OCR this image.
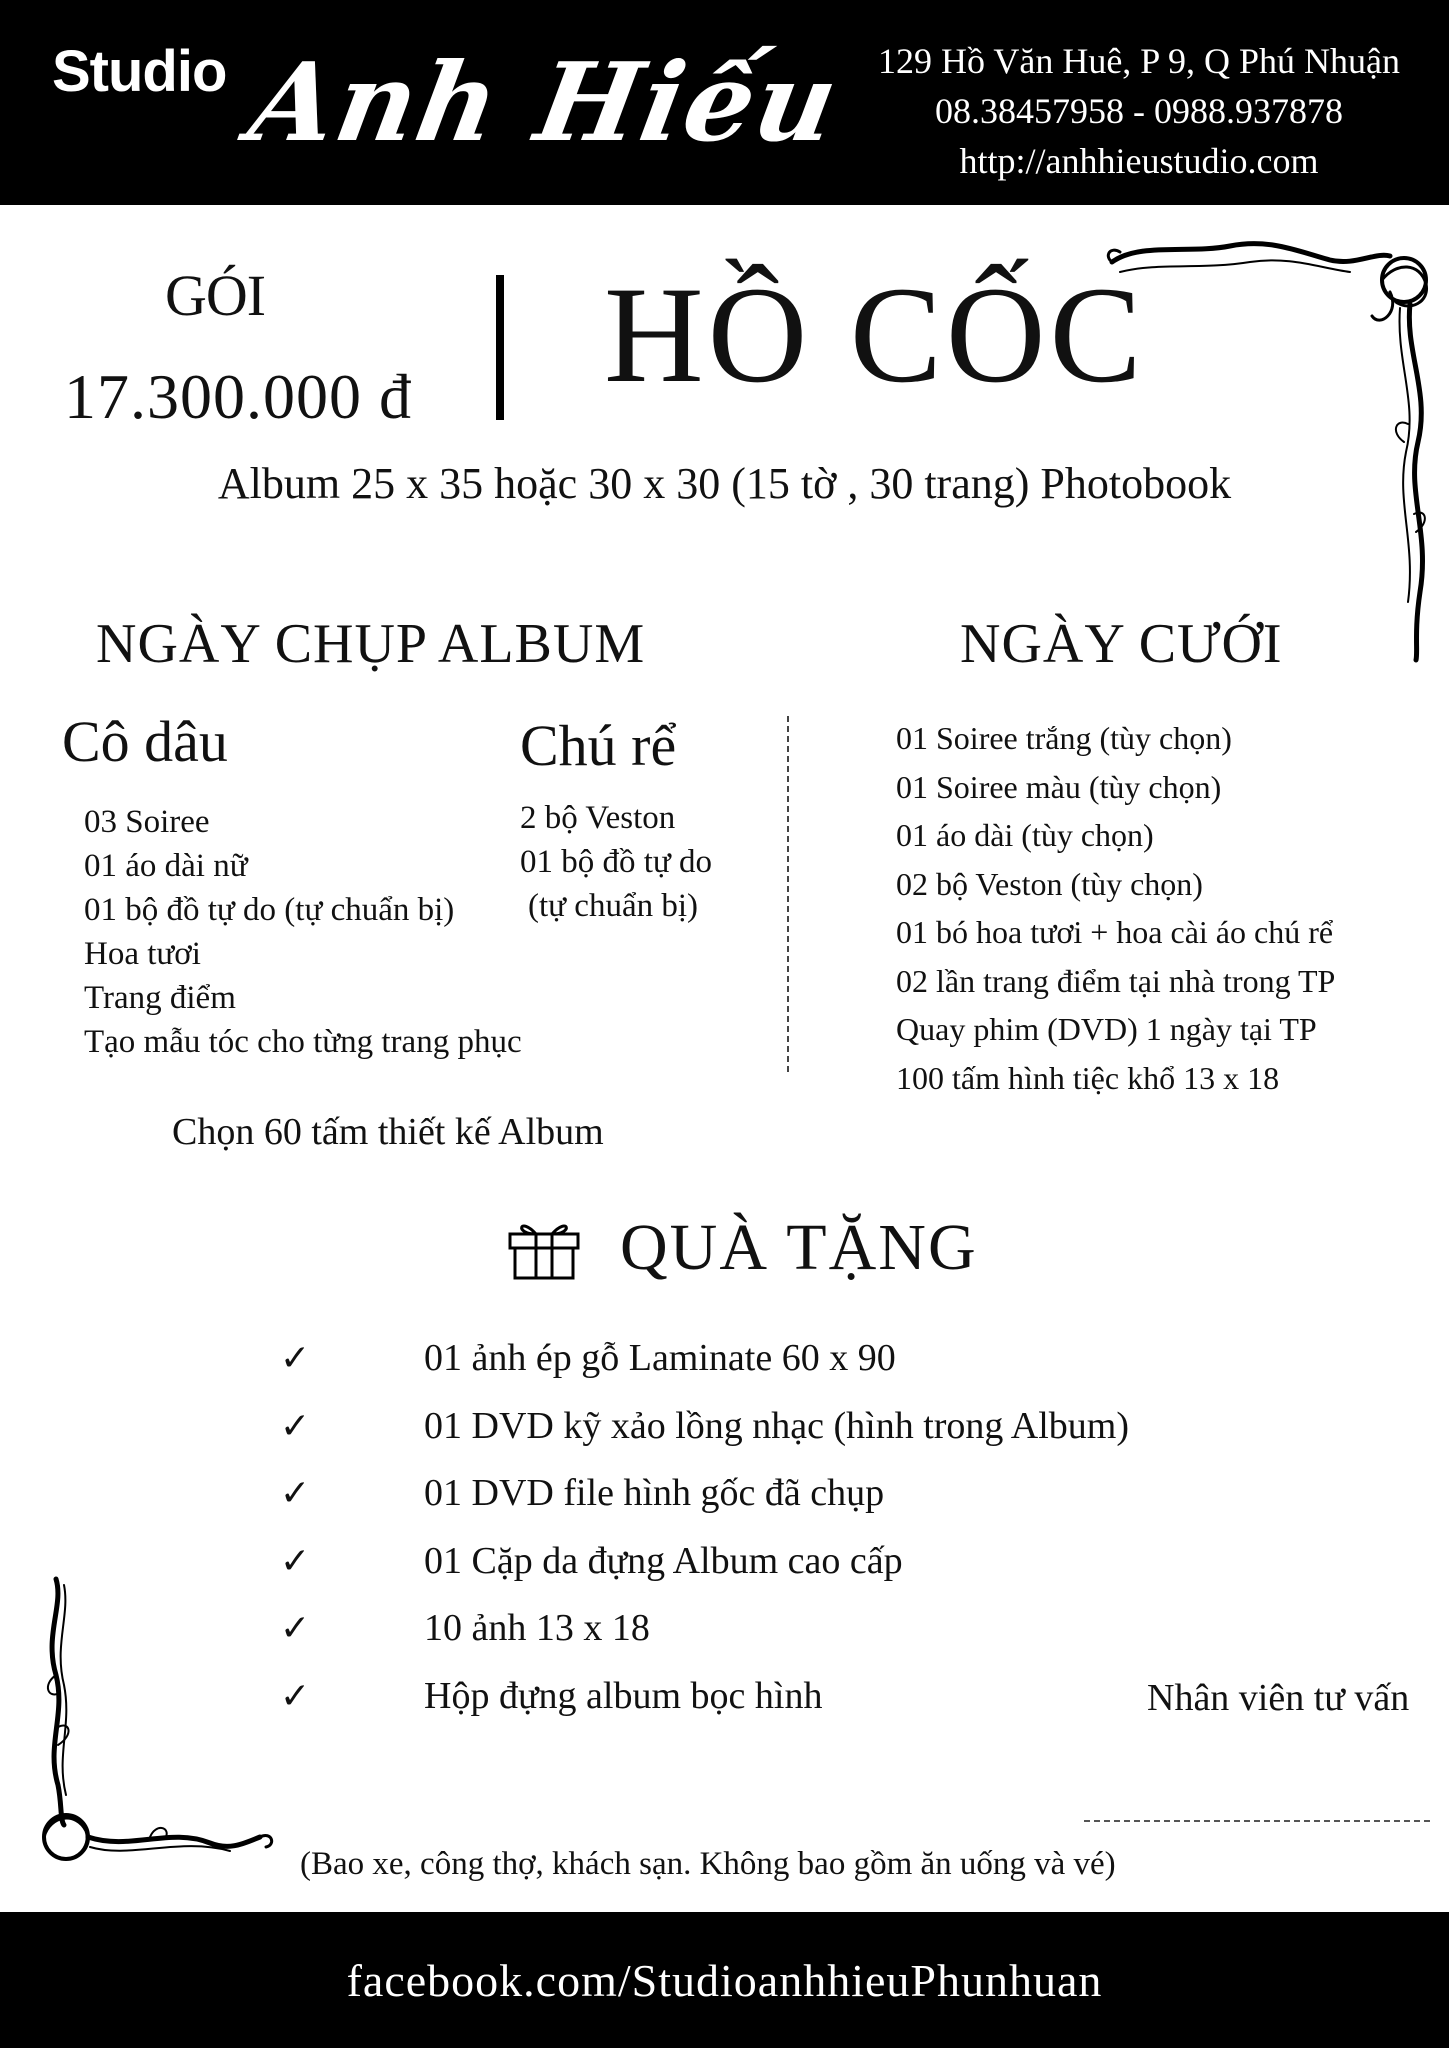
Studio Anh Hiếu 129 Hồ Văn Huê, P 9, Q Phú Nhuận
08.38457958 - 0988.937878
http://anhhieustudio.com
GÓI
17.300.000 đ HỒ CỐC
Album 25 x 35 hoặc 30 x 30 (15 tờ , 30 trang) Photobook
NGÀY CHỤP ALBUM
Cô dâu	Chú rể
03 Soiree
01 áo dài nữ
01 bộ đồ tự do (tự chuẩn bị)
Hoa tươi
Trang điểm
Tạo mẫu tóc cho từng trang phục
2 bộ Veston
01 bộ đồ tự do
(tự chuẩn bị)
Chọn 60 tấm thiết kế Album
NGÀY CƯỚI
01 Soiree trắng (tùy chọn)
01 Soiree màu (tùy chọn)
01 áo dài (tùy chọn)
02 bộ Veston (tùy chọn)
01 bó hoa tươi + hoa cài áo chú rể
02 lần trang điểm tại nhà trong TP
Quay phim (DVD) 1 ngày tại TP
100 tấm hình tiệc khổ 13 x 18
QUÀ TẶNG
✓	01 ảnh ép gỗ Laminate 60 x 90
✓	01 DVD kỹ xảo lồng nhạc (hình trong Album)
✓	01 DVD file hình gốc đã chụp
✓	01 Cặp da đựng Album cao cấp
✓	10 ảnh 13 x 18
✓	Hộp đựng album bọc hình	Nhân viên tư vấn
(Bao xe, công thợ, khách sạn. Không bao gồm ăn uống và vé)
facebook.com/StudioanhhieuPhunhuan
